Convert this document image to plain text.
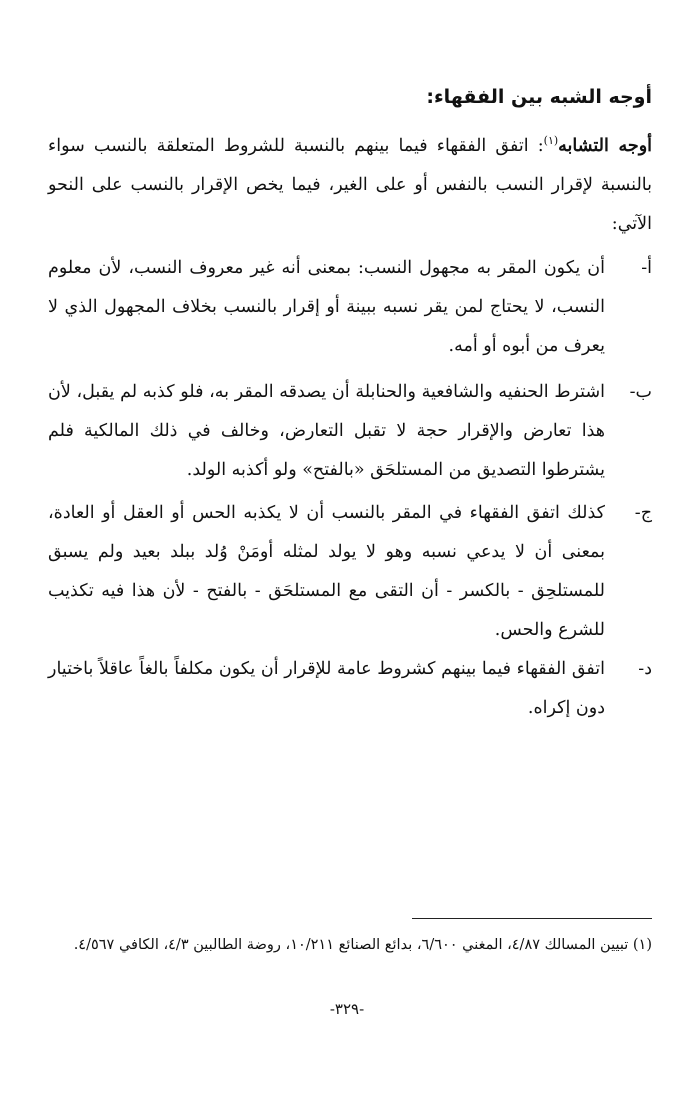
أوجه الشبه بين الفقهاء:
أوجه التشابه$^{(١)}$: اتفق الفقهاء فيما بينهم بالنسبة للشروط المتعلقة بالنسب سواء بالنسبة لإقرار النسب بالنفس أو على الغير، فيما يخص الإقرار بالنسب على النحو الآتي:
أ-
أن يكون المقر به مجهول النسب: بمعنى أنه غير معروف النسب، لأن معلوم النسب، لا يحتاج لمن يقر نسبه ببينة أو إقرار بالنسب بخلاف المجهول الذي لا يعرف من أبوه أو أمه.
ب-
اشترط الحنفيه والشافعية والحنابلة أن يصدقه المقر به، فلو كذبه لم يقبل، لأن هذا تعارض والإقرار حجة لا تقبل التعارض، وخالف في ذلك المالكية فلم يشترطوا التصديق من المستلحَق «بالفتح» ولو أكذبه الولد.
ج-
كذلك اتفق الفقهاء في المقر بالنسب أن لا يكذبه الحس أو العقل أو العادة، بمعنى أن لا يدعي نسبه وهو لا يولد لمثله أومَنْ وُلد ببلد بعيد ولم يسبق للمستلحِق - بالكسر - أن التقى مع المستلحَق - بالفتح - لأن هذا فيه تكذيب للشرع والحس.
د-
اتفق الفقهاء فيما بينهم كشروط عامة للإقرار أن يكون مكلفاً بالغاً عاقلاً باختيار دون إكراه.
(١) تبيين المسالك ٤/٨٧، المغني ٦/٦٠٠، بدائع الصنائع ١٠/٢١١، روضة الطالبين ٤/٣، الكافي ٤/٥٦٧.
-٣٢٩-
